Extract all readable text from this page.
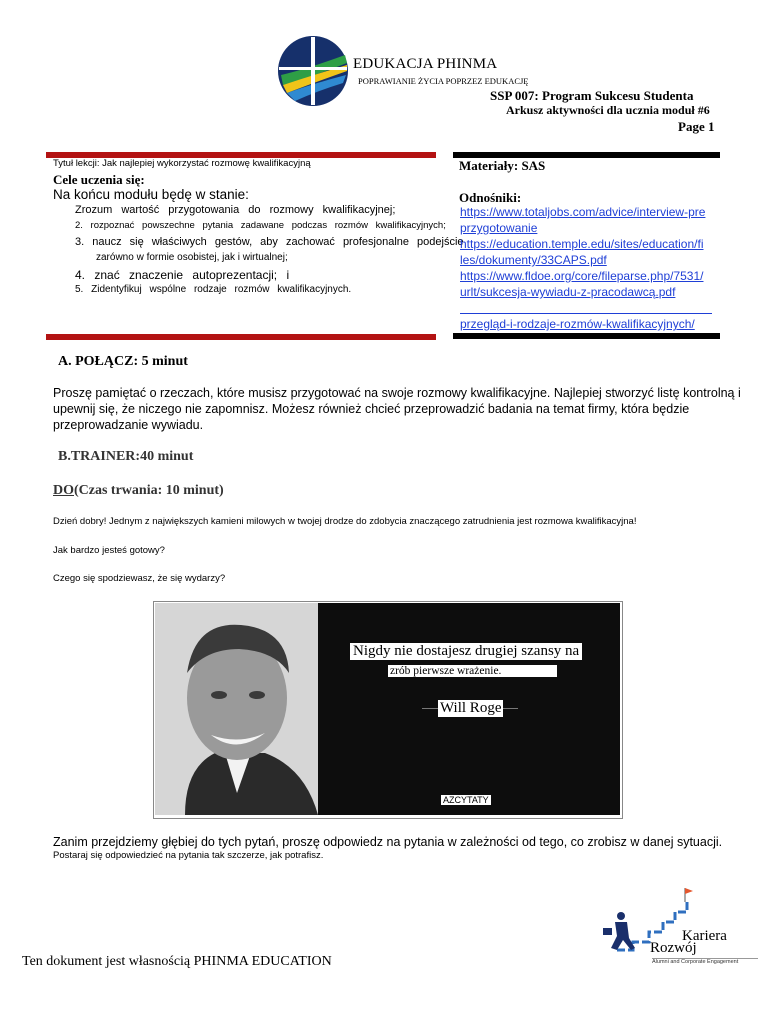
EDUKACJA PHINMA
POPRAWIANIE ŻYCIA POPRZEZ EDUKACJĘ
SSP 007: Program Sukcesu Studenta
Arkusz aktywności dla ucznia moduł #6
Page 1
Tytuł lekcji: Jak najlepiej wykorzystać rozmowę kwalifikacyjną
Cele uczenia się:
Na końcu modułu będę w stanie:
Zrozum wartość przygotowania do rozmowy kwalifikacyjnej;
2. rozpoznać powszechne pytania zadawane podczas rozmów kwalifikacyjnych;
3. naucz się właściwych gestów, aby zachować profesjonalne podejście
zarówno w formie osobistej, jak i wirtualnej;
4. znać znaczenie autoprezentacji; i
5. Zidentyfikuj wspólne rodzaje rozmów kwalifikacyjnych.
Materiały: SAS
Odnośniki:
https://www.totaljobs.com/advice/interview-pre
przygotowanie
https://education.temple.edu/sites/education/fi
les/dokumenty/33CAPS.pdf
https://www.fldoe.org/core/fileparse.php/7531/
urlt/sukcesja-wywiadu-z-pracodawcą.pdf
przegląd-i-rodzaje-rozmów-kwalifikacyjnych/
A. POŁĄCZ: 5 minut
Proszę pamiętać o rzeczach, które musisz przygotować na swoje rozmowy kwalifikacyjne. Najlepiej stworzyć listę kontrolną i upewnij się, że niczego nie zapomnisz. Możesz również chcieć przeprowadzić badania na temat firmy, która będzie przeprowadzanie wywiadu.
B.TRAINER:40 minut
DO(Czas trwania: 10 minut)
Dzień dobry! Jednym z największych kamieni milowych w twojej drodze do zdobycia znaczącego zatrudnienia jest rozmowa kwalifikacyjna!
Jak bardzo jesteś gotowy?
Czego się spodziewasz, że się wydarzy?
Nigdy nie dostajesz drugiej szansy na
zrób pierwsze wrażenie.
Will Roge
AZCYTATY
Zanim przejdziemy głębiej do tych pytań, proszę odpowiedz na pytania w zależności od tego, co zrobisz w danej sytuacji.
Postaraj się odpowiedzieć na pytania tak szczerze, jak potrafisz.
Ten dokument jest własnością PHINMA EDUCATION
Kariera
Rozwój
Alumni and Corporate Engagement
